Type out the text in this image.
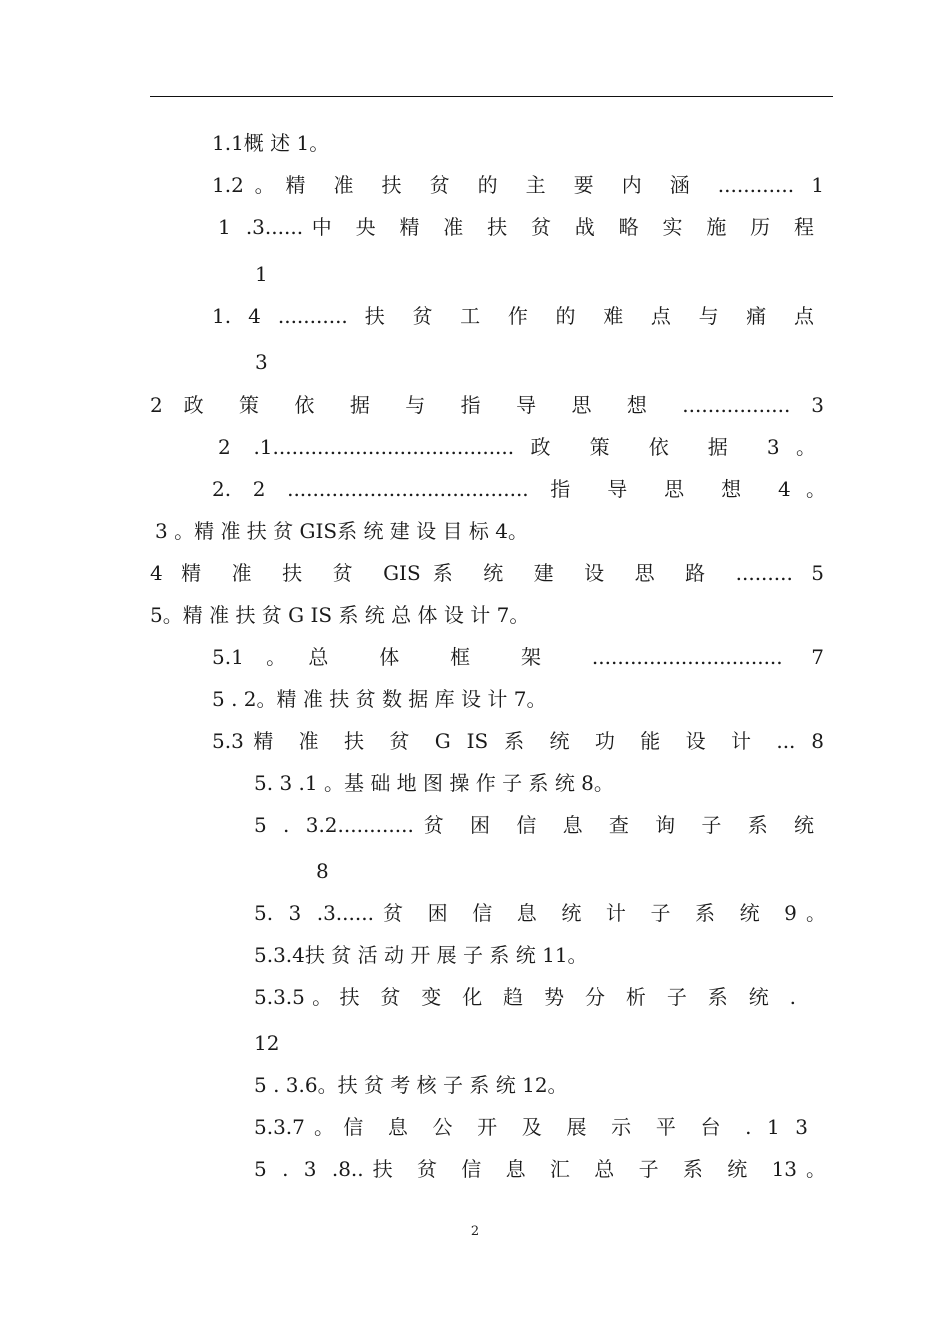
1.1概 述 1。
1.2。精 准 扶 贫 的 主 要 内 涵 ............ 1
1 .3......中 央 精 准 扶 贫 战 略 实 施 历 程
1
1. 4 ........... 扶 贫 工 作 的 难 点 与 痛 点
3
2 政 策 依 据 与 指 导 思 想 ................. 3
2 .1......................................政 策 依 据 3。
2. 2 ...................................... 指 导 思 想 4。
3 。精 准 扶 贫 GIS系 统 建 设 目 标 4。
4 精 准 扶 贫 GIS系 统 建 设 思 路 ......... 5
5。精 准 扶 贫 G IS 系 统 总 体 设 计 7。
5.1。总 体 框 架 .............................. 7
5 . 2。精 准 扶 贫 数 据 库 设 计 7。
5.3精 准 扶 贫 G IS 系 统 功 能 设 计 ... 8
5. 3 .1 。基 础 地 图 操 作 子 系 统 8。
5 . 3.2............贫 困 信 息 查 询 子 系 统
8
5. 3 .3......贫 困 信 息 统 计 子 系 统 9。
5.3.4扶 贫 活 动 开 展 子 系 统 11。
5.3.5。扶 贫 变 化 趋 势 分 析 子 系 统 .
12
5 . 3.6。扶 贫 考 核 子 系 统 12。
5.3.7。信 息 公 开 及 展 示 平 台 . 1 3
5 . 3 .8..扶 贫 信 息 汇 总 子 系 统 13。
2
